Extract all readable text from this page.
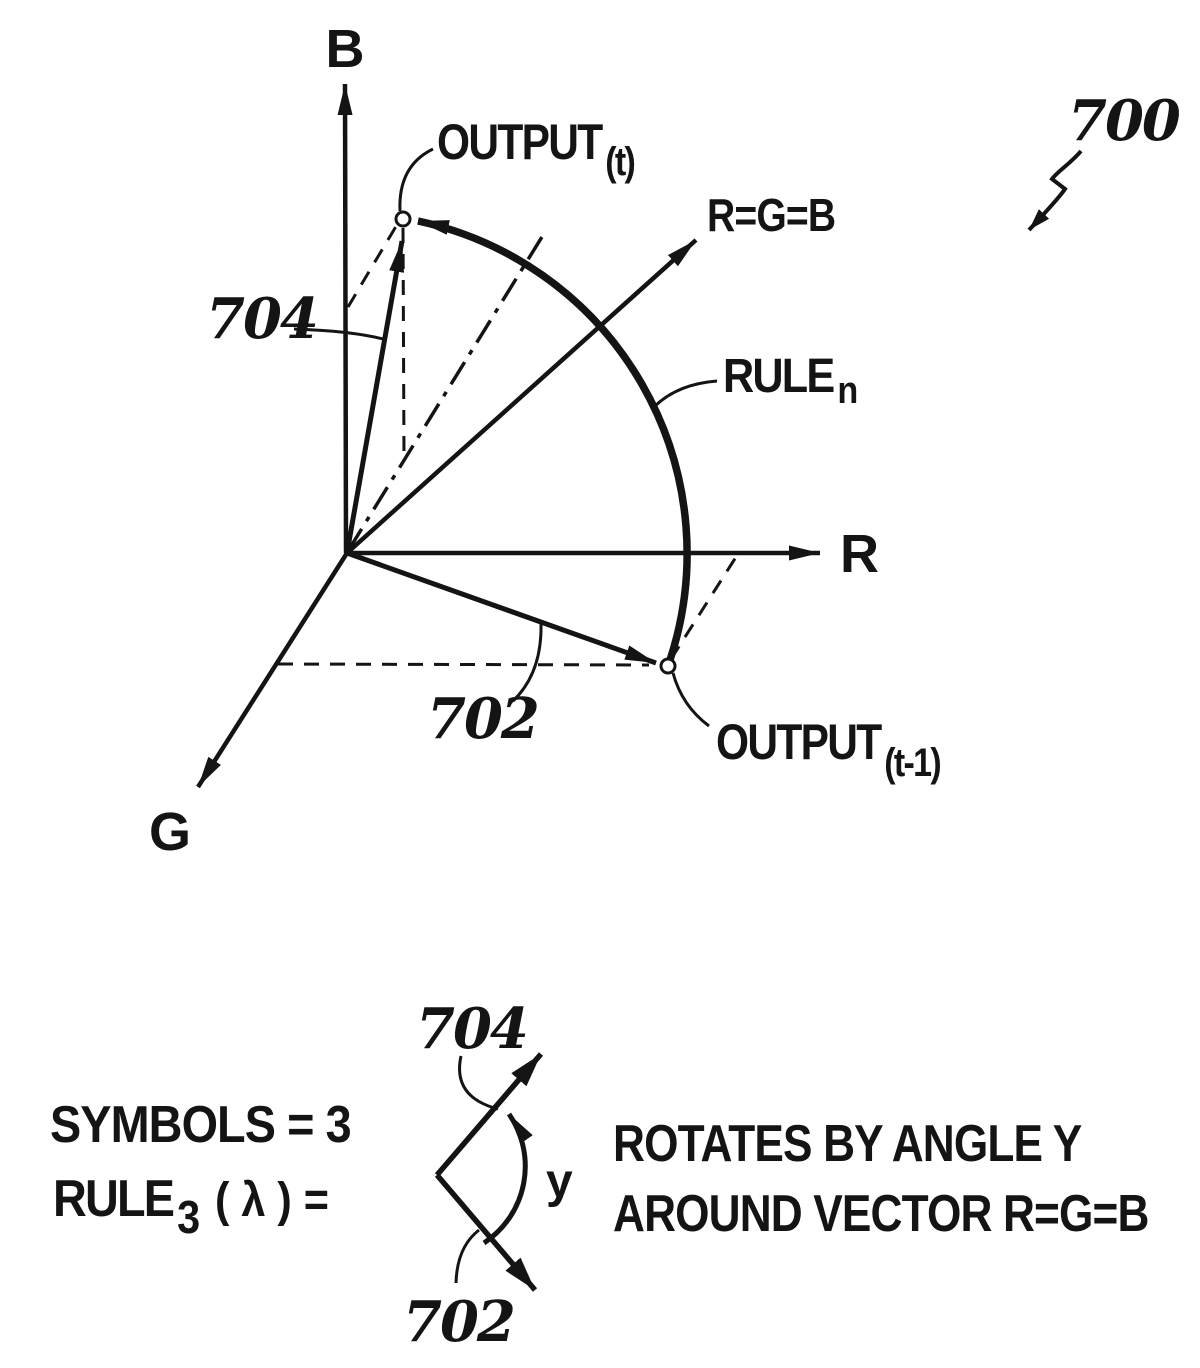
B
R
G
R=G=B
OUTPUT (t)
OUTPUT (t-1)
RULE n
700
704
702
SYMBOLS = 3
RULE 3 ( λ ) =
704
702
y
ROTATES BY ANGLE Y
AROUND VECTOR R=G=B
